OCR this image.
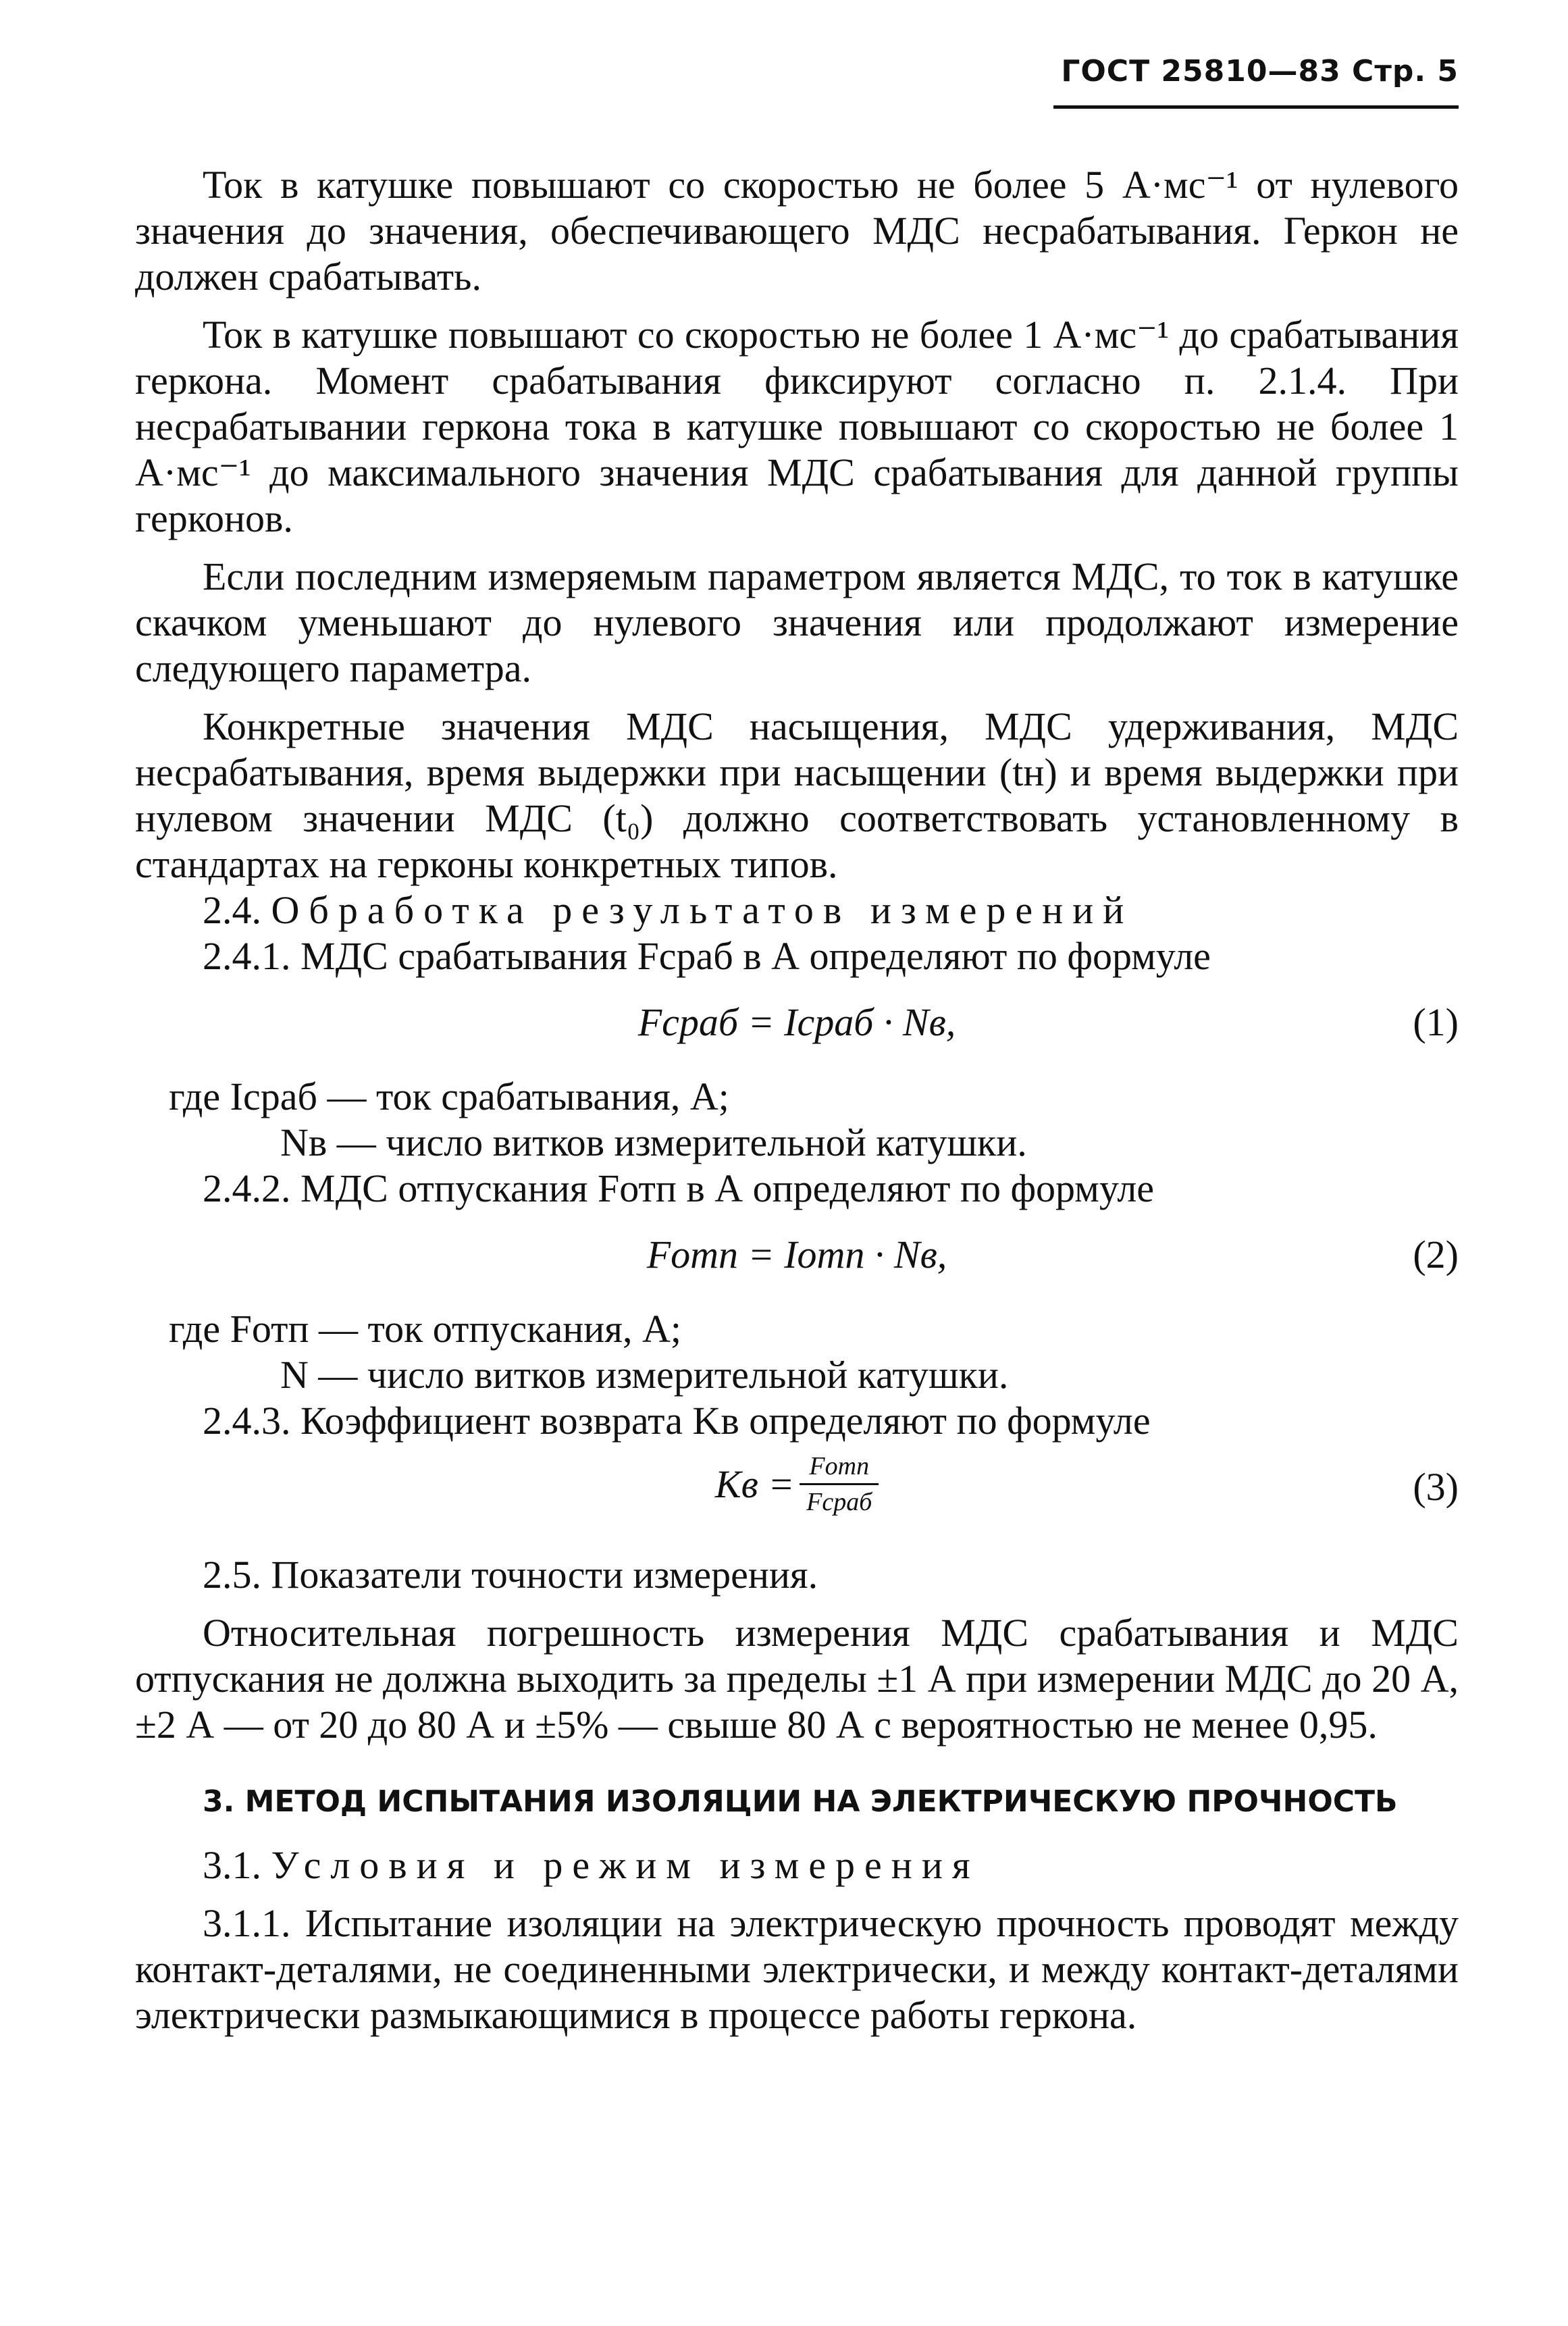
ГОСТ 25810—83 Стр. 5

Ток в катушке повышают со скоростью не более 5 А·мс⁻¹ от нулевого значения до значения, обеспечивающего МДС несрабатывания. Геркон не должен срабатывать.

Ток в катушке повышают со скоростью не более 1 А·мс⁻¹ до срабатывания геркона. Момент срабатывания фиксируют согласно п. 2.1.4. При несрабатывании геркона тока в катушке повышают со скоростью не более 1 А·мс⁻¹ до максимального значения МДС срабатывания для данной группы герконов.

Если последним измеряемым параметром является МДС, то ток в катушке скачком уменьшают до нулевого значения или продолжают измерение следующего параметра.

Конкретные значения МДС насыщения, МДС удерживания, МДС несрабатывания, время выдержки при насыщении (tн) и время выдержки при нулевом значении МДС (t₀) должно соответствовать установленному в стандартах на герконы конкретных типов.

2.4. Обработка результатов измерений

2.4.1. МДС срабатывания Fсраб в А определяют по формуле

Fсраб = Iсраб · Nв,	(1)

где Iсраб — ток срабатывания, А;

Nв — число витков измерительной катушки.

2.4.2. МДС отпускания Fотп в А определяют по формуле

Fотп = Iотп · Nв,	(2)

где Fотп — ток отпускания, А;

N — число витков измерительной катушки.

2.4.3. Коэффициент возврата Kв определяют по формуле

Kв = $\frac{\text{Fотп}}{\text{Fсраб}}$	(3)

2.5. Показатели точности измерения.

Относительная погрешность измерения МДС срабатывания и МДС отпускания не должна выходить за пределы ±1 А при измерении МДС до 20 А, ±2 А — от 20 до 80 А и ±5% — свыше 80 А с вероятностью не менее 0,95.

3. МЕТОД ИСПЫТАНИЯ ИЗОЛЯЦИИ НА ЭЛЕКТРИЧЕСКУЮ ПРОЧНОСТЬ

3.1. Условия и режим измерения

3.1.1. Испытание изоляции на электрическую прочность проводят между контакт-деталями, не соединенными электрически, и между контакт-деталями электрически размыкающимися в процессе работы геркона.
